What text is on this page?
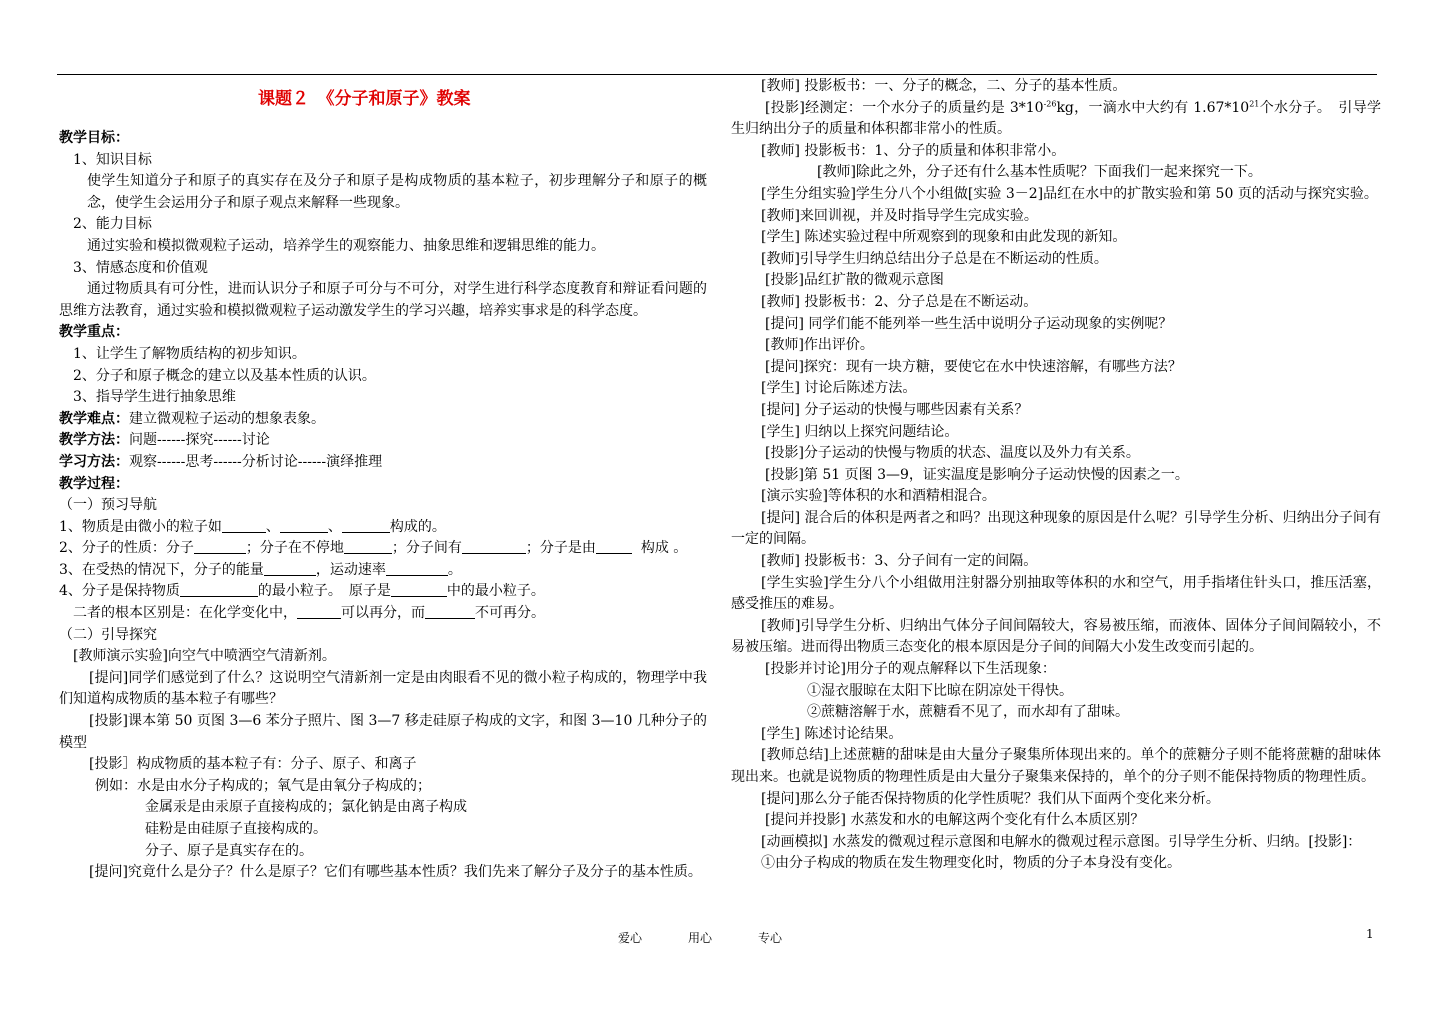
课题２　《分子和原子》教案
教学目标：
1、知识目标
使学生知道分子和原子的真实存在及分子和原子是构成物质的基本粒子，初步理解分子和原子的概念，使学生会运用分子和原子观点来解释一些现象。
2、能力目标
通过实验和模拟微观粒子运动，培养学生的观察能力、抽象思维和逻辑思维的能力。
3、情感态度和价值观
通过物质具有可分性，进而认识分子和原子可分与不可分，对学生进行科学态度教育和辩证看问题的思维方法教育，通过实验和模拟微观粒子运动激发学生的学习兴趣，培养实事求是的科学态度。
教学重点：
1、让学生了解物质结构的初步知识。
2、分子和原子概念的建立以及基本性质的认识。
3、指导学生进行抽象思维
教学难点：建立微观粒子运动的想象表象。
教学方法：问题------探究------讨论
学习方法：观察------思考------分析讨论------演绎推理
教学过程：
（一）预习导航
1、物质是由微小的粒子如	、	、	构成的。
2、分子的性质：分子	；分子在不停地	；分子间有	；分子是由	构成 。
3、在受热的情况下，分子的能量	，运动速率	。
4、分子是保持物质	的最小粒子。　原子是	中的最小粒子。
二者的根本区别是：在化学变化中，	可以再分，而	不可再分。
（二）引导探究
[教师演示实验]向空气中喷洒空气清新剂。
[提问]同学们感觉到了什么？这说明空气清新剂一定是由肉眼看不见的微小粒子构成的，物理学中我们知道构成物质的基本粒子有哪些？
[投影]课本第 50 页图 3—6 苯分子照片、图 3—7 移走硅原子构成的文字，和图 3—10 几种分子的模型
[投影］构成物质的基本粒子有：分子、原子、和离子
例如：水是由水分子构成的；氧气是由氧分子构成的；
金属汞是由汞原子直接构成的；氯化钠是由离子构成
硅粉是由硅原子直接构成的。
分子、原子是真实存在的。
[提问]究竟什么是分子？什么是原子？它们有哪些基本性质？我们先来了解分子及分子的基本性质。
[教师] 投影板书：一、分子的概念，二、分子的基本性质。
[投影]经测定：一个水分子的质量约是 $3*10^{-26}kg$，一滴水中大约有 $1.67*10^{21}$个水分子。　引导学生归纳出分子的质量和体积都非常小的性质。
[教师] 投影板书：1、分子的质量和体积非常小。
[教师]除此之外，分子还有什么基本性质呢？下面我们一起来探究一下。
[学生分组实验]学生分八个小组做[实验 3－2]品红在水中的扩散实验和第 50 页的活动与探究实验。
[教师]来回训视，并及时指导学生完成实验。
[学生] 陈述实验过程中所观察到的现象和由此发现的新知。
[教师]引导学生归纳总结出分子总是在不断运动的性质。
[投影]品红扩散的微观示意图
[教师] 投影板书：2、分子总是在不断运动。
[提问] 同学们能不能列举一些生活中说明分子运动现象的实例呢？
[教师]作出评价。
[提问]探究：现有一块方糖，要使它在水中快速溶解，有哪些方法？
[学生] 讨论后陈述方法。
[提问] 分子运动的快慢与哪些因素有关系？
[学生] 归纳以上探究问题结论。
[投影]分子运动的快慢与物质的状态、温度以及外力有关系。
[投影]第 51 页图 3—9，证实温度是影响分子运动快慢的因素之一。
[演示实验]等体积的水和酒精相混合。
[提问] 混合后的体积是两者之和吗？出现这种现象的原因是什么呢？引导学生分析、归纳出分子间有一定的间隔。
[教师] 投影板书：3、分子间有一定的间隔。
[学生实验]学生分八个小组做用注射器分别抽取等体积的水和空气，用手指堵住针头口，推压活塞，感受推压的难易。
[教师]引导学生分析、归纳出气体分子间间隔较大，容易被压缩，而液体、固体分子间间隔较小，不易被压缩。进而得出物质三态变化的根本原因是分子间的间隔大小发生改变而引起的。
[投影并讨论]用分子的观点解释以下生活现象：
①湿衣服晾在太阳下比晾在阴凉处干得快。
②蔗糖溶解于水，蔗糖看不见了，而水却有了甜味。
[学生] 陈述讨论结果。
[教师总结]上述蔗糖的甜味是由大量分子聚集所体现出来的。单个的蔗糖分子则不能将蔗糖的甜味体现出来。也就是说物质的物理性质是由大量分子聚集来保持的，单个的分子则不能保持物质的物理性质。
[提问]那么分子能否保持物质的化学性质呢？我们从下面两个变化来分析。
[提问并投影] 水蒸发和水的电解这两个变化有什么本质区别？
[动画模拟] 水蒸发的微观过程示意图和电解水的微观过程示意图。引导学生分析、归纳。[投影]：
①由分子构成的物质在发生物理变化时，物质的分子本身没有变化。
爱心	用心	专心	1
